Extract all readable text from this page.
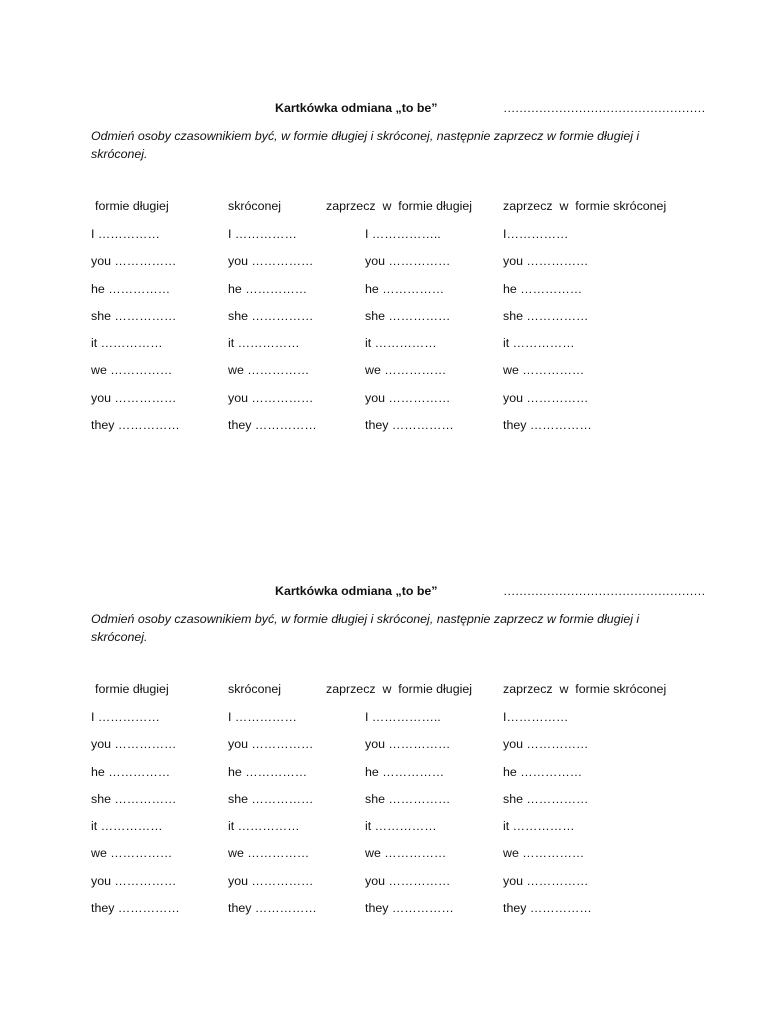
Kartkówka odmiana „to be”	……………………………………………
Odmień osoby czasownikiem być, w formie długiej i skróconej, następnie zaprzecz w formie długiej i skróconej.
formie długiej
I ……………
you ……………
he ……………
she ……………
it ……………
we ……………
you ……………
they ……………
skróconej
I ……………
you ……………
he ……………
she ……………
it ……………
we ……………
you ……………
they ……………
zaprzecz  w  formie długiej
I ……………..
you ……………
he ……………
she ……………
it ……………
we ……………
you ……………
they ……………
zaprzecz  w  formie skróconej
I……………
you ……………
he ……………
she ……………
it ……………
we ……………
you ……………
they ……………
Kartkówka odmiana „to be”	……………………………………………
Odmień osoby czasownikiem być, w formie długiej i skróconej, następnie zaprzecz w formie długiej i skróconej.
formie długiej
I ……………
you ……………
he ……………
she ……………
it ……………
we ……………
you ……………
they ……………
skróconej
I ……………
you ……………
he ……………
she ……………
it ……………
we ……………
you ……………
they ……………
zaprzecz  w  formie długiej
I ……………..
you ……………
he ……………
she ……………
it ……………
we ……………
you ……………
they ……………
zaprzecz  w  formie skróconej
I……………
you ……………
he ……………
she ……………
it ……………
we ……………
you ……………
they ……………
